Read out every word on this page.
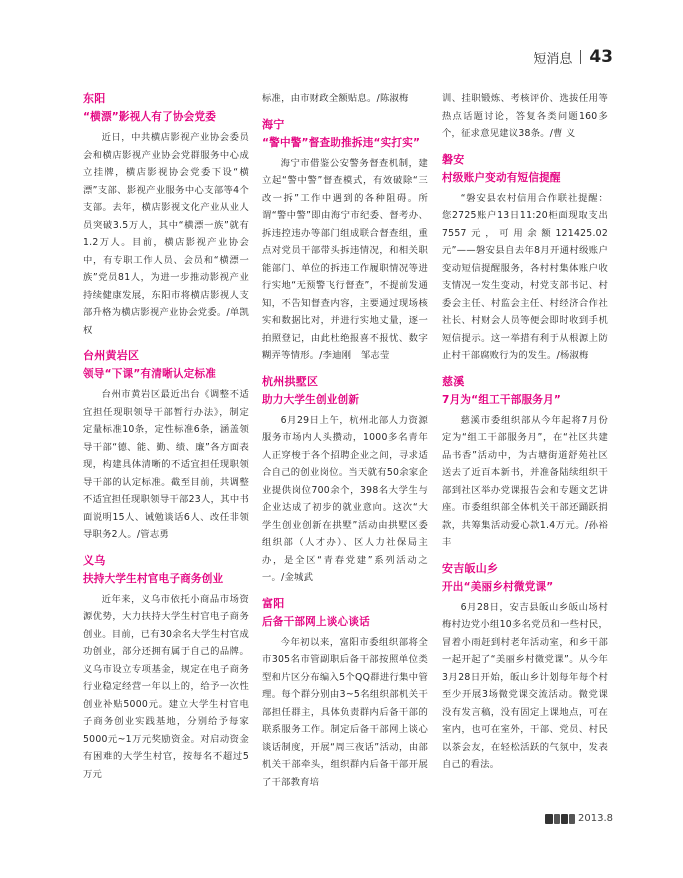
短消息 43

东阳

“横漂”影视人有了协会党委

近日，中共横店影视产业协会委员会和横店影视产业协会党群服务中心成立挂牌，横店影视协会党委下设“横漂”支部、影视产业服务中心支部等4个支部。去年，横店影视文化产业从业人员突破3.5万人，其中“横漂一族”就有1.2万人。目前，横店影视产业协会中，有专职工作人员、会员和“横漂一族”党员81人，为进一步推动影视产业持续健康发展，东阳市将横店影视人支部升格为横店影视产业协会党委。/单凯权

台州黄岩区

领导“下课”有清晰认定标准

台州市黄岩区最近出台《调整不适宜担任现职领导干部暂行办法》，制定定量标准10条，定性标准6条，涵盖领导干部“德、能、勤、绩、廉”各方面表现，构建具体清晰的不适宜担任现职领导干部的认定标准。截至目前，共调整不适宜担任现职领导干部23人，其中书面说明15人、诫勉谈话6人、改任非领导职务2人。/管志勇

义乌

扶持大学生村官电子商务创业

近年来，义乌市依托小商品市场资源优势，大力扶持大学生村官电子商务创业。目前，已有30余名大学生村官成功创业，部分还拥有属于自己的品牌。义乌市设立专项基金，规定在电子商务行业稳定经营一年以上的，给予一次性创业补贴5000元。建立大学生村官电子商务创业实践基地，分别给予每家5000元~1万元奖励资金。对启动资金有困难的大学生村官，按每名不超过5万元

标准，由市财政全额贴息。/陈淑梅

海宁

“警中警”督查助推拆违“实打实”

海宁市借鉴公安警务督查机制，建立起“警中警”督查模式，有效破除“三改一拆”工作中遇到的各种阻碍。所谓“警中警”即由海宁市纪委、督考办、拆违控违办等部门组成联合督查组，重点对党员干部带头拆违情况，和相关职能部门、单位的拆违工作履职情况等进行实地“无预警飞行督查”，不提前发通知，不告知督查内容，主要通过现场核实和数据比对，并进行实地丈量，逐一拍照登记，由此杜绝报喜不报忧、数字糊弄等情形。/李迪刚　邹志莹

杭州拱墅区

助力大学生创业创新

6月29日上午，杭州北部人力资源服务市场内人头攒动，1000多名青年人正穿梭于各个招聘企业之间，寻求适合自己的创业岗位。当天就有50余家企业提供岗位700余个，398名大学生与企业达成了初步的就业意向。这次“大学生创业创新在拱墅”活动由拱墅区委组织部（人才办）、区人力社保局主办，是全区“青春党建”系列活动之一。/金城武

富阳

后备干部网上谈心谈话

今年初以来，富阳市委组织部将全市305名市管副职后备干部按照单位类型和片区分布编入5个QQ群进行集中管理。每个群分别由3~5名组织部机关干部担任群主，具体负责群内后备干部的联系服务工作。制定后备干部网上谈心谈话制度，开展“周三夜话”活动，由部机关干部牵头，组织群内后备干部开展了干部教育培

训、挂职锻炼、考核评价、选拔任用等热点话题讨论，答复各类问题160多个，征求意见建议38条。/曹 义

磐安

村级账户变动有短信提醒

“磐安县农村信用合作联社提醒：您2725账户13日11:20柜面现取支出7557元，可用余额121425.02元”——磐安县自去年8月开通村级账户变动短信提醒服务，各村村集体账户收支情况一发生变动，村党支部书记、村委会主任、村监会主任、村经济合作社社长、村财会人员等便会即时收到手机短信提示。这一举措有利于从根源上防止村干部腐败行为的发生。/杨淑梅

慈溪

7月为“组工干部服务月”

慈溪市委组织部从今年起将7月份定为“组工干部服务月”，在“社区共建品书香”活动中，为古塘街道舒苑社区送去了近百本新书，并准备陆续组织干部到社区举办党课报告会和专题文艺讲座。市委组织部全体机关干部还踊跃捐款，共筹集活动爱心款1.4万元。/孙裕丰

安吉皈山乡

开出“美丽乡村微党课”

6月28日，安吉县皈山乡皈山场村梅村边党小组10多名党员和一些村民，冒着小雨赶到村老年活动室，和乡干部一起开起了“美丽乡村微党课”。从今年3月28日开始，皈山乡计划每年每个村至少开展3场微党课交流活动。微党课没有发言稿，没有固定上课地点，可在室内，也可在室外，干部、党员、村民以茶会友，在轻松活跃的气氛中，发表自己的看法。

2013.8
